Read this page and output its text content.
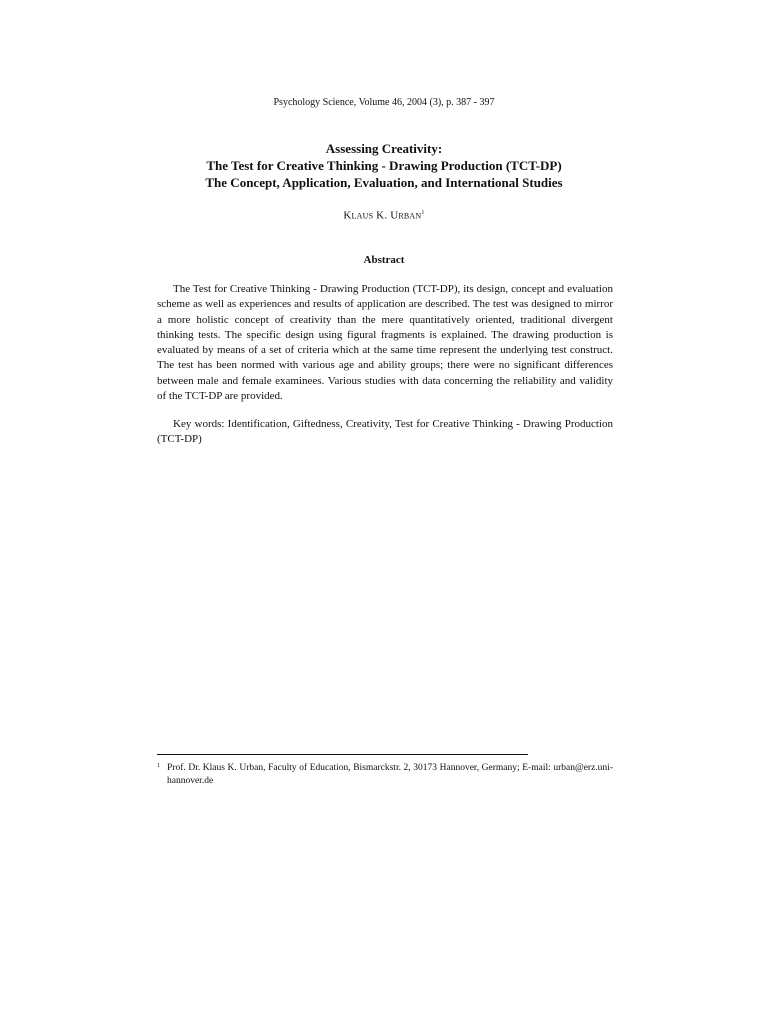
Psychology Science, Volume 46, 2004 (3), p. 387 - 397
Assessing Creativity:
The Test for Creative Thinking - Drawing Production (TCT-DP)
The Concept, Application, Evaluation, and International Studies
Klaus K. Urban$^1$
Abstract

The Test for Creative Thinking - Drawing Production (TCT-DP), its design, concept and evaluation scheme as well as experiences and results of application are described. The test was designed to mirror a more holistic concept of creativity than the mere quantitatively oriented, traditional divergent thinking tests. The specific design using figural fragments is explained. The drawing production is evaluated by means of a set of criteria which at the same time represent the underlying test construct. The test has been normed with various age and ability groups; there were no significant differences between male and female examinees. Various studies with data concerning the reliability and validity of the TCT-DP are provided.

Key words: Identification, Giftedness, Creativity, Test for Creative Thinking - Drawing Production (TCT-DP)

1 Prof. Dr. Klaus K. Urban, Faculty of Education, Bismarckstr. 2, 30173 Hannover, Germany; E-mail: urban@erz.uni-hannover.de
